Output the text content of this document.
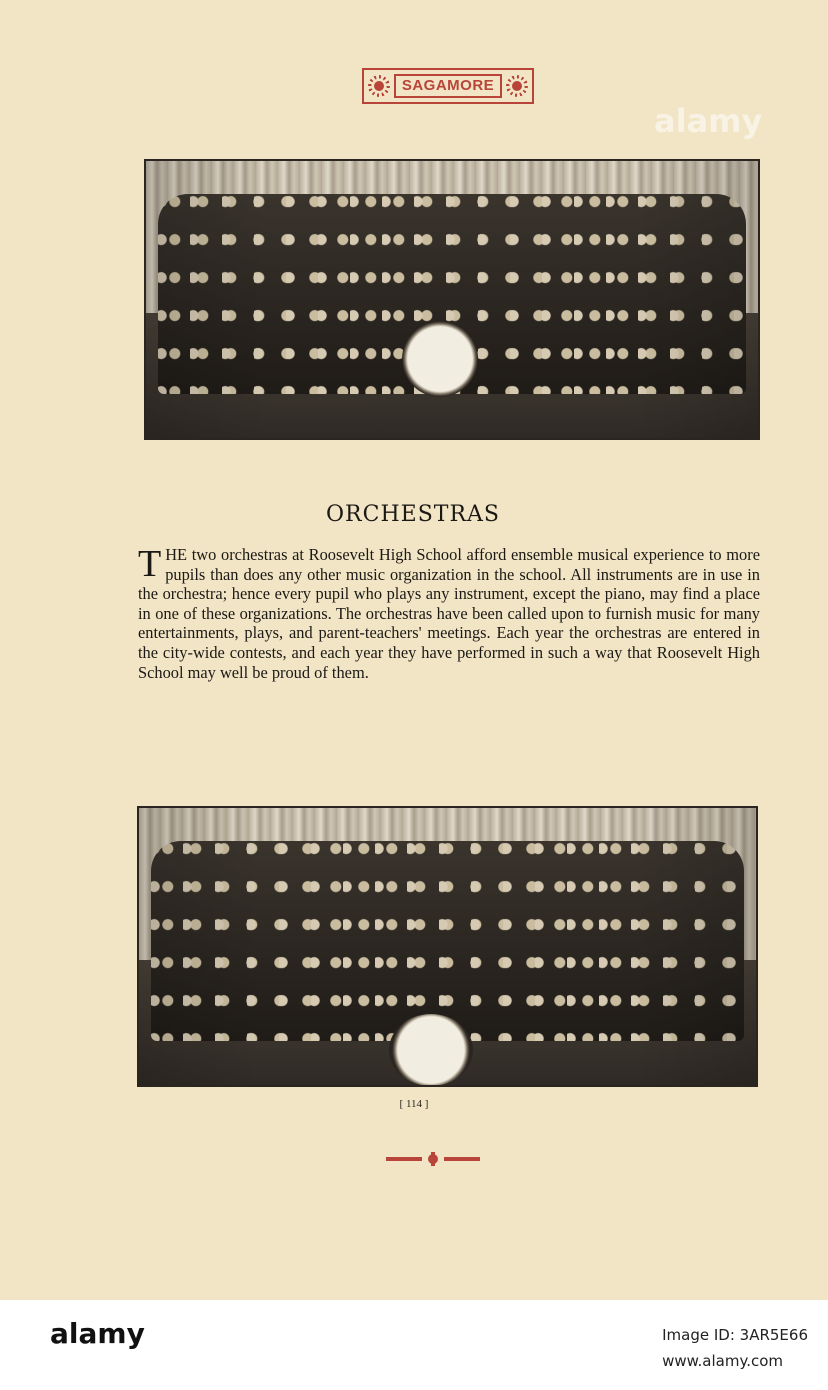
SAGAMORE
alamy
ORCHESTRAS

THE two orchestras at Roosevelt High School afford ensemble musical experience to more pupils than does any other music organization in the school. All instruments are in use in the orchestra; hence every pupil who plays any instrument, except the piano, may find a place in one of these organizations. The orchestras have been called upon to furnish music for many entertainments, plays, and parent-teachers' meetings. Each year the orchestras are entered in the city-wide contests, and each year they have performed in such a way that Roosevelt High School may well be proud of them.

[ 114 ]
alamy	Image ID: 3AR5E66
www.alamy.com
